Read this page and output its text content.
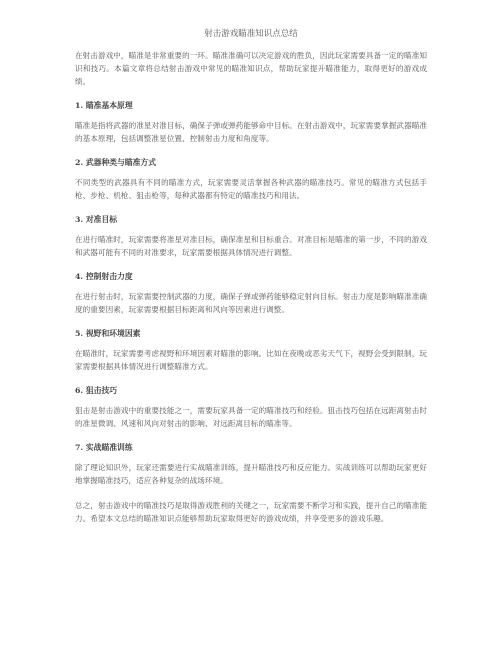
射击游戏瞄准知识点总结

在射击游戏中，瞄准是非常重要的一环。瞄准准确可以决定游戏的胜负，因此玩家需要具备一定的瞄准知识和技巧。本篇文章将总结射击游戏中常见的瞄准知识点，帮助玩家提升瞄准能力，取得更好的游戏成绩。

1. 瞄准基本原理

瞄准是指将武器的准星对准目标，确保子弹或弹药能够命中目标。在射击游戏中，玩家需要掌握武器瞄准的基本原理，包括调整准星位置、控制射击力度和角度等。

2. 武器种类与瞄准方式

不同类型的武器具有不同的瞄准方式，玩家需要灵活掌握各种武器的瞄准技巧。常见的瞄准方式包括手枪、步枪、机枪、狙击枪等，每种武器都有特定的瞄准技巧和用法。

3. 对准目标

在进行瞄准时，玩家需要将准星对准目标，确保准星和目标重合。对准目标是瞄准的第一步，不同的游戏和武器可能有不同的对准要求，玩家需要根据具体情况进行调整。

4. 控制射击力度

在进行射击时，玩家需要控制武器的力度，确保子弹或弹药能够稳定射向目标。射击力度是影响瞄准准确度的重要因素，玩家需要根据目标距离和风向等因素进行调整。

5. 视野和环境因素

在瞄准时，玩家需要考虑视野和环境因素对瞄准的影响。比如在夜晚或恶劣天气下，视野会受到限制，玩家需要根据具体情况进行调整瞄准方式。

6. 狙击技巧

狙击是射击游戏中的重要技能之一，需要玩家具备一定的瞄准技巧和经验。狙击技巧包括在远距离射击时的准星微调、风速和风向对射击的影响、对远距离目标的瞄准等。

7. 实战瞄准训练

除了理论知识外，玩家还需要进行实战瞄准训练，提升瞄准技巧和反应能力。实战训练可以帮助玩家更好地掌握瞄准技巧，适应各种复杂的战场环境。

总之，射击游戏中的瞄准技巧是取得游戏胜利的关键之一，玩家需要不断学习和实践，提升自己的瞄准能力。希望本文总结的瞄准知识点能够帮助玩家取得更好的游戏成绩，并享受更多的游戏乐趣。
